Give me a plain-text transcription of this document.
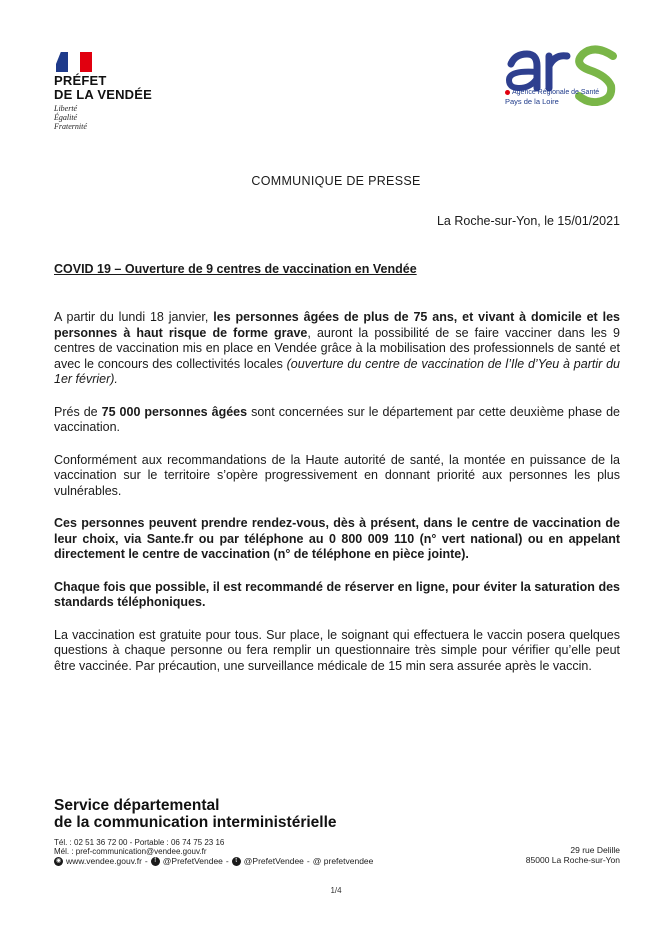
PRÉFET
DE LA VENDÉE
Liberté
Égalité
Fraternité
Agence Régionale de Santé
Pays de la Loire
COMMUNIQUE DE PRESSE
La Roche-sur-Yon, le 15/01/2021
COVID 19 – Ouverture de 9 centres de vaccination en Vendée

A partir du lundi 18 janvier, les personnes âgées de plus de 75 ans, et vivant à domicile et les personnes à haut risque de forme grave, auront la possibilité de se faire vacciner dans les 9 centres de vaccination mis en place en Vendée grâce à la mobilisation des professionnels de santé et avec le concours des collectivités locales (ouverture du centre de vaccination de l’Ile d’Yeu à partir du 1er février).

Prés de 75 000 personnes âgées sont concernées sur le département par cette deuxième phase de vaccination.

Conformément aux recommandations de la Haute autorité de santé, la montée en puissance de la vaccination sur le territoire s’opère progressivement en donnant priorité aux personnes les plus vulnérables.

Ces personnes peuvent prendre rendez-vous, dès à présent, dans le centre de vaccination de leur choix, via Sante.fr ou par téléphone au 0 800 009 110 (n° vert national) ou en appelant directement le centre de vaccination (n° de téléphone en pièce jointe).

Chaque fois que possible, il est recommandé de réserver en ligne, pour éviter la saturation des standards téléphoniques.

La vaccination est gratuite pour tous. Sur place, le soignant qui effectuera le vaccin posera quelques questions à chaque personne ou fera remplir un questionnaire très simple pour vérifier qu’elle peut être vaccinée. Par précaution, une surveillance médicale de 15 min sera assurée après le vaccin.

Service départemental
de la communication interministérielle
Tél. : 02 51 36 72 00 - Portable : 06 74 75 23 16
Mél. : pref-communication@vendee.gouv.fr
◉ www.vendee.gouv.fr -	f @PrefetVendee -	t @PrefetVendee - @ prefetvendee
29 rue Delille
85000 La Roche-sur-Yon
1/4
